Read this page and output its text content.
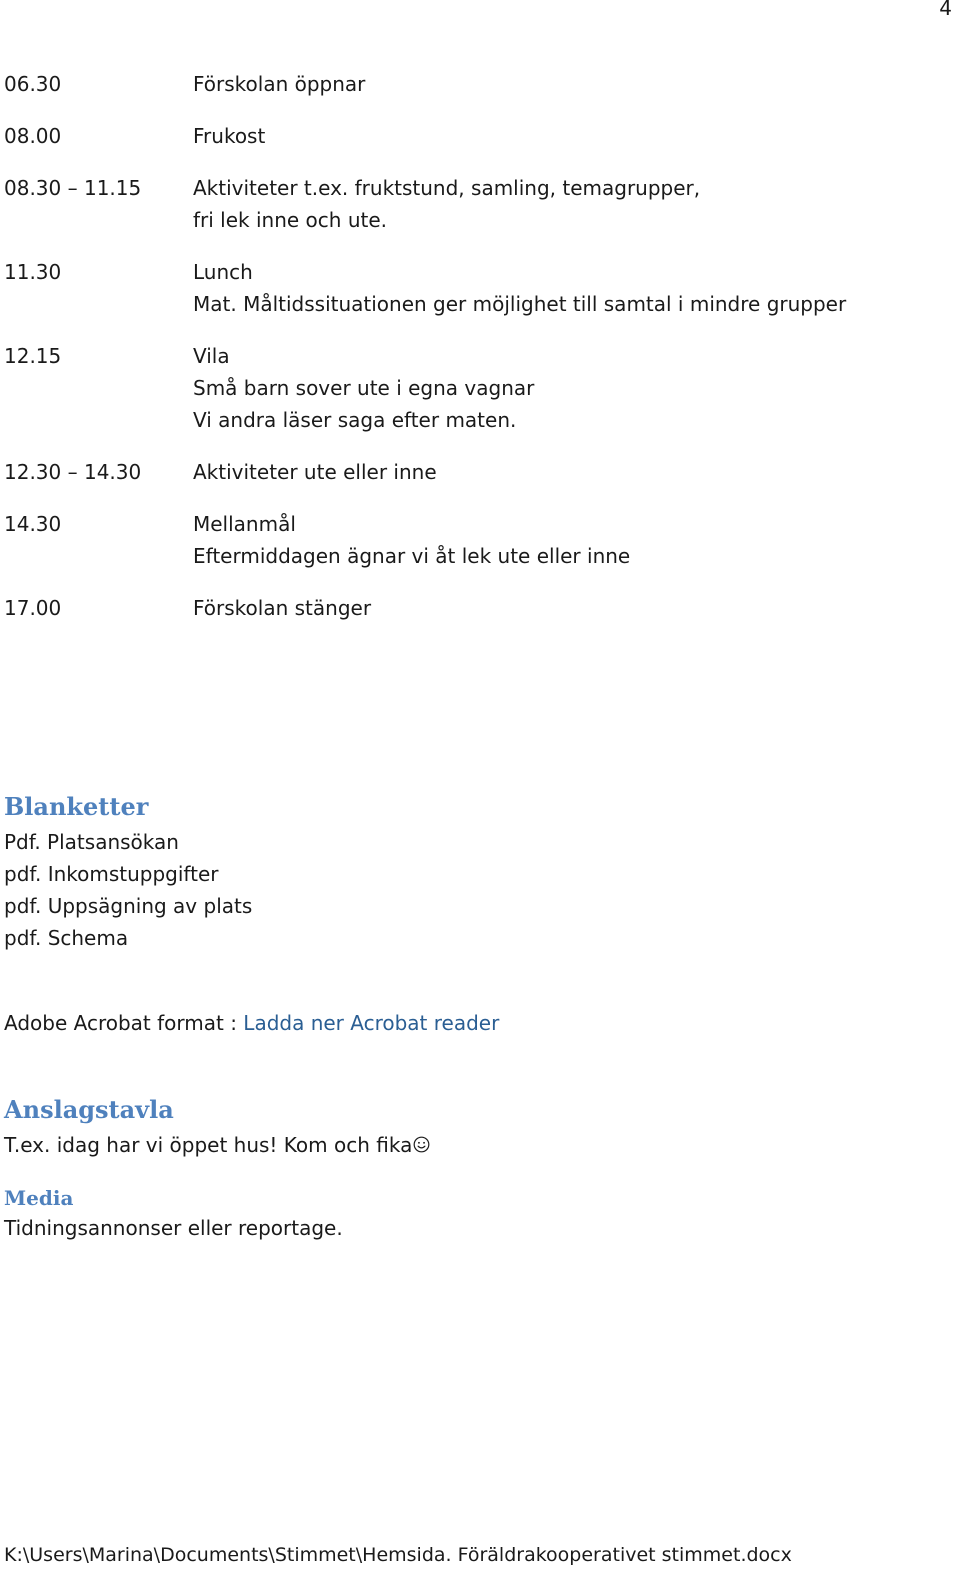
4
06.30	Förskolan öppnar
08.00	Frukost
08.30 – 11.15	Aktiviteter t.ex. fruktstund, samling, temagrupper,
fri lek inne och ute.
11.30	Lunch
Mat. Måltidssituationen ger möjlighet till samtal i mindre grupper
12.15	Vila
Små barn sover ute i egna vagnar
Vi andra läser saga efter maten.
12.30 – 14.30	Aktiviteter ute eller inne
14.30	Mellanmål
Eftermiddagen ägnar vi åt lek ute eller inne
17.00	Förskolan stänger
Blanketter
Pdf. Platsansökan
pdf. Inkomstuppgifter
pdf. Uppsägning av plats
pdf. Schema
Adobe Acrobat format : Ladda ner Acrobat reader
Anslagstavla
T.ex. idag har vi öppet hus! Kom och fika
Media
Tidningsannonser eller reportage.
K:\Users\Marina\Documents\Stimmet\Hemsida. Föräldrakooperativet stimmet.docx
